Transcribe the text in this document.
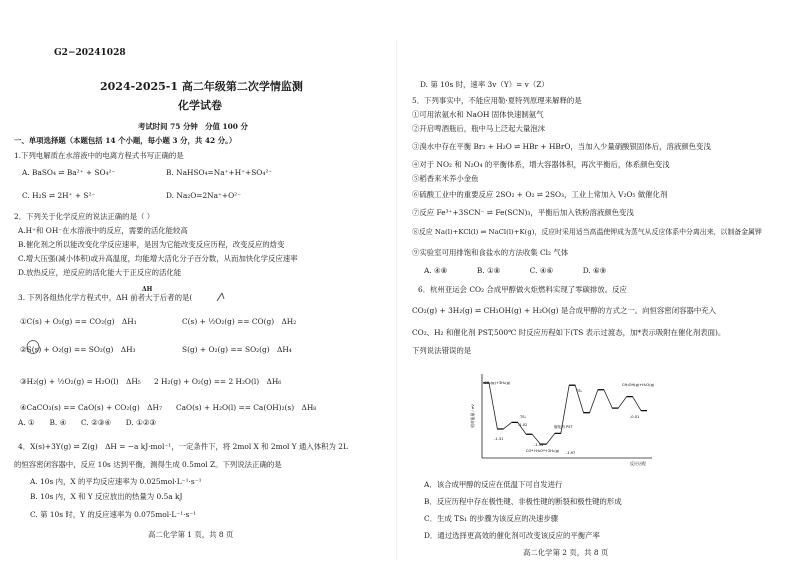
G2−20241028
2024-2025-1 高二年级第二次学情监测
化学试卷
考试时间 75 分钟　分值 100 分
一、单项选择题（本题包括 14 个小题，每小题 3 分，共 42 分。）
1.下列电解质在水溶液中的电离方程式书写正确的是
A. BaSO₄ ⇌ Ba²⁺ + SO₄²⁻	B. NaHSO₄=Na⁺+H⁺+SO₄²⁻
C. H₂S ⇌ 2H⁺ + S²⁻	D. Na₂O=2Na⁺+O²⁻
2．下列关于化学反应的说法正确的是（ ）
A.H⁺和 OH⁻在水溶液中的反应，需要的活化能较高
B.催化剂之所以能改变化学反应速率，是因为它能改变反应历程，改变反应的焓变
C.增大压强(减小体积)或升高温度，均能增大活化分子百分数，从而加快化学反应速率
D.放热反应，逆反应的活化能大于正反应的活化能
3. 下列各组热化学方程式中，ΔH 前者大于后者的是(
ΔH
①C(s) + O₂(g) == CO₂(g)　ΔH₁	C(s) + ½O₂(g) == CO(g)　ΔH₂
②S(s) + O₂(g) == SO₂(g)　ΔH₃	S(g) + O₂(g) == SO₂(g)　ΔH₄
③H₂(g) + ½O₂(g) = H₂O(l)　ΔH₅ 2 H₂(g) + O₂(g) == 2 H₂O(l)　ΔH₆
④CaCO₃(s) == CaO(s) + CO₂(g)　ΔH₇ CaO(s) + H₂O(l) == Ca(OH)₂(s)　ΔH₈
A. ①　　B. ④　　C. ②③④　　D. ①②③
4．X(s)+3Y(g) ⇌ Z(g)　ΔH = −a kJ·mol⁻¹，一定条件下，将 2mol X 和 2mol Y 通入体积为 2L
的恒容密闭容器中，反应 10s 达到平衡，测得生成 0.5mol Z。下列说法正确的是
A. 10s 内，X 的平均反应速率为 0.025mol·L⁻¹·s⁻¹
B. 10s 内，X 和 Y 反应放出的热量为 0.5a kJ
C. 第 10s 时，Y 的反应速率为 0.075mol·L⁻¹·s⁻¹
高二化学第 1 页，共 8 页
D. 第 10s 时，速率 3v（Y）= v（Z）
5．下列事实中，不能应用勒·夏特列原理来解释的是
①可用浓氨水和 NaOH 固体快速制氨气
②开启啤酒瓶后，瓶中马上泛起大量泡沫
③溴水中存在平衡 Br₂ + H₂O ⇌ HBr + HBrO，当加入少量硝酸银固体后，溶液颜色变浅
④对于 NO₂ 和 N₂O₄ 的平衡体系，增大容器体积，再次平衡后，体系颜色变浅
⑤稻香来米养小金鱼
⑥硫酸工业中的重要反应 2SO₂ + O₂ ⇌ 2SO₃，工业上常加入 V₂O₅ 做催化剂
⑦反应 Fe³⁺+3SCN⁻ ⇌ Fe(SCN)₃，平衡后加入铁粉溶液颜色变浅
⑧反应 Na(l)+KCl(l) ⇌ NaCl(l)+K(g)，反应时采用适当高温使钾成为蒸气从反应体系中分离出来，以制备金属钾
⑨实验室可用排饱和食盐水的方法收集 Cl₂ 气体
A. ④⑧　　　　B. ①⑧　　　　C. ④⑥　　　　D. ⑥⑨
6．杭州亚运会 CO₂ 合成甲醇做火炬燃料实现了零碳排放。反应
CO₂(g) + 3H₂(g) ⇌ CH₃OH(g) + H₂O(g) 是合成甲醇的方式之一。向恒容密闭容器中充入
CO₂、H₂ 和催化剂 PST,500℃ 时反应历程如下(TS 表示过渡态，加*表示吸附在催化剂表面)。
下列说法错误的是
相对能量 / eV
反应历程
CO₂(g)+3H₂(g)
-1.31
TS₁
-1.02
-1.54
CO*+H₂O*+2H₂(g) -1.97
TS₂
CH₃OH(g)+H₂O(g)
-0.51
催化剂 PST
A．该合成甲醇的反应在低温下可自发进行
B．反应历程中存在极性键、非极性键的断裂和极性键的形成
C．生成 TS₁ 的步骤为该反应的决速步骤
D．通过选择更高效的催化剂可改变该反应的平衡产率
高二化学第 2 页，共 8 页
